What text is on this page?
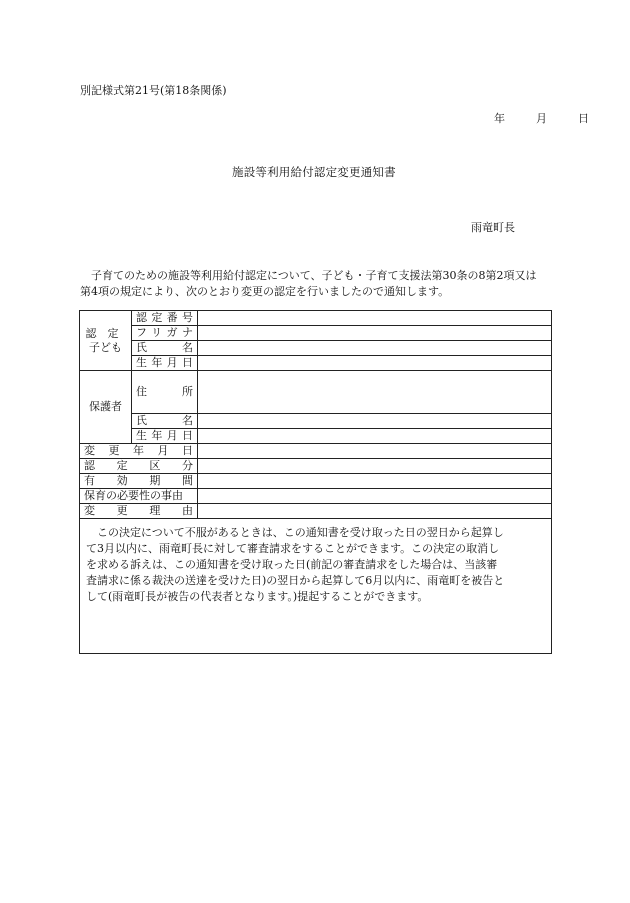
別記様式第21号(第18条関係)
年	月	日
施設等利用給付認定変更通知書
雨竜町長
子育てのための施設等利用給付認定について、子ども・子育て支援法第30条の8第2項又は
第4項の規定により、次のとおり変更の認定を行いましたので通知します。
認　定
子ども	認定番号	
	フリガナ	
	氏　名	
	生年月日	
保護者	住　所	
	氏　名	
	生年月日	
変更年月日		
認定区分		
有効期間		
保育の必要性の事由		
変更理由		

この決定について不服があるときは、この通知書を受け取った日の翌日から起算し
て3月以内に、雨竜町長に対して審査請求をすることができます。この決定の取消し
を求める訴えは、この通知書を受け取った日(前記の審査請求をした場合は、当該審
査請求に係る裁決の送達を受けた日)の翌日から起算して6月以内に、雨竜町を被告と
して(雨竜町長が被告の代表者となります。)提起することができます。		
